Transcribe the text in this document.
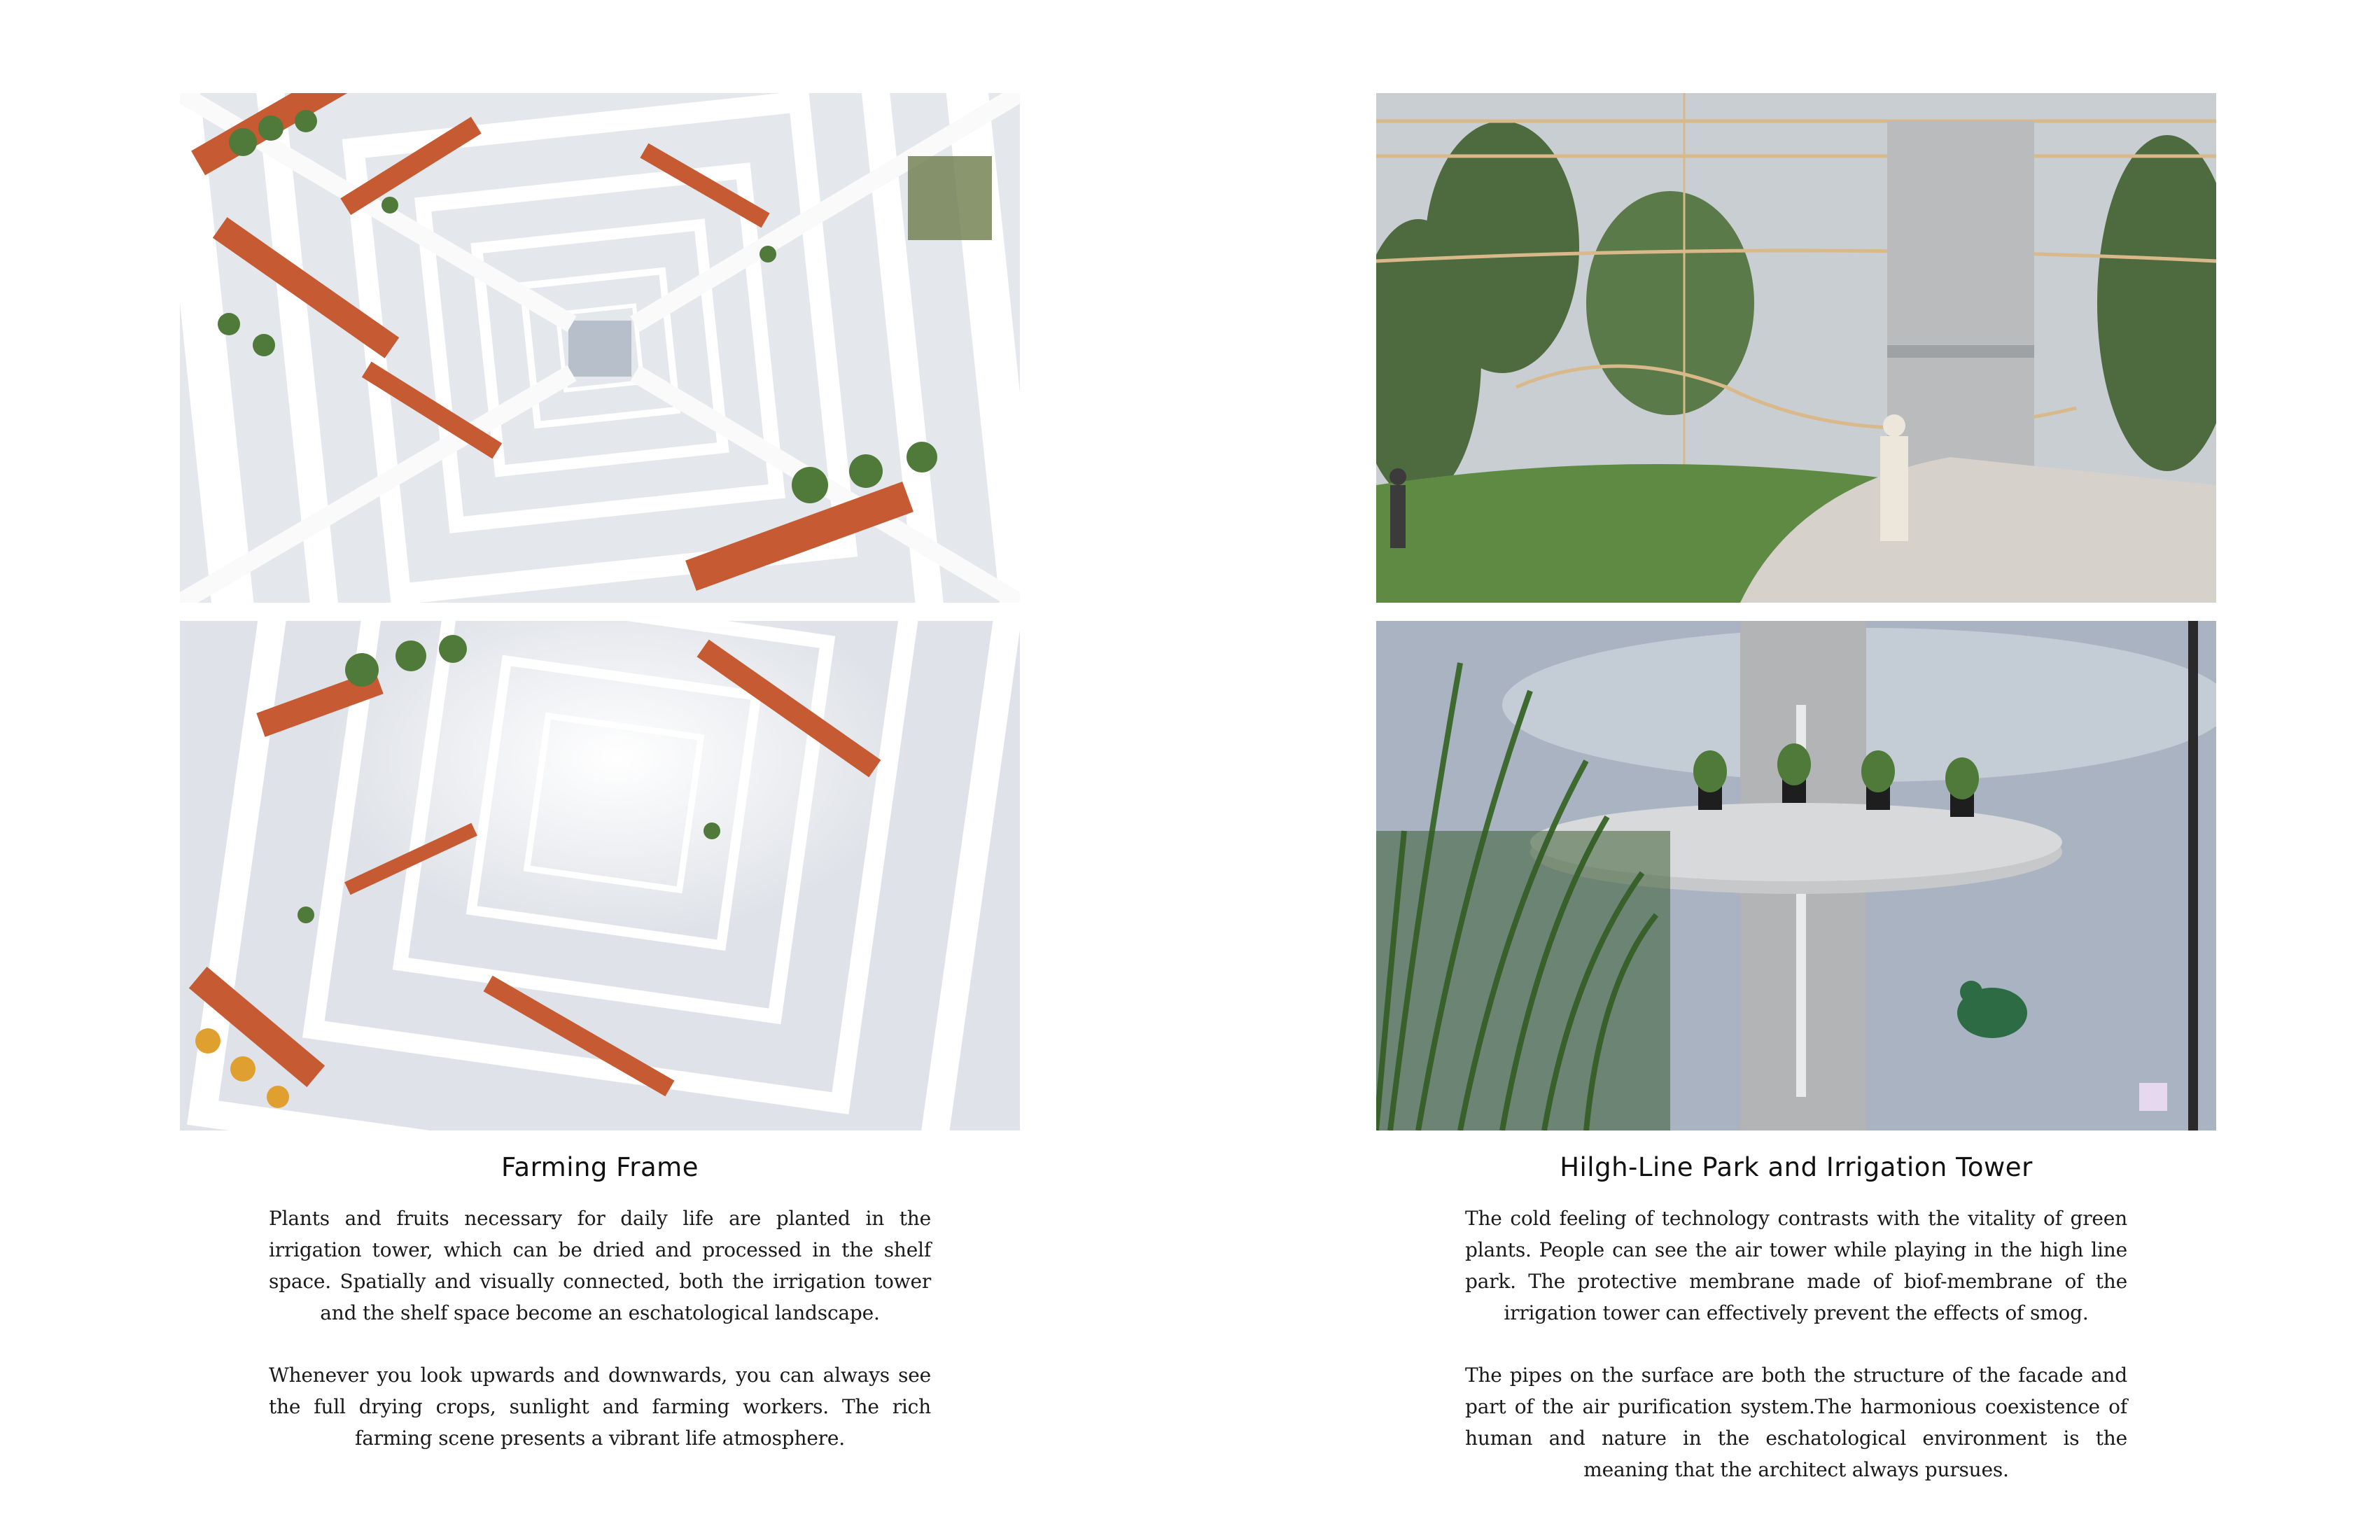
Farming Frame

Plants and fruits necessary for daily life are planted in the irrigation tower, which can be dried and processed in the shelf space. Spatially and visually connected, both the irrigation tower and the shelf space become an eschatological landscape.

Whenever you look upwards and downwards, you can always see the full drying crops, sunlight and farming workers. The rich farming scene presents a vibrant life atmosphere.

Hilgh-Line Park and Irrigation Tower

The cold feeling of technology contrasts with the vitality of green plants. People can see the air tower while playing in the high line park. The protective membrane made of biof-membrane of the irrigation tower can effectively prevent the effects of smog.

The pipes on the surface are both the structure of the facade and part of the air purification system.The harmonious coexistence of human and nature in the eschatological environment is the meaning that the architect always pursues.
